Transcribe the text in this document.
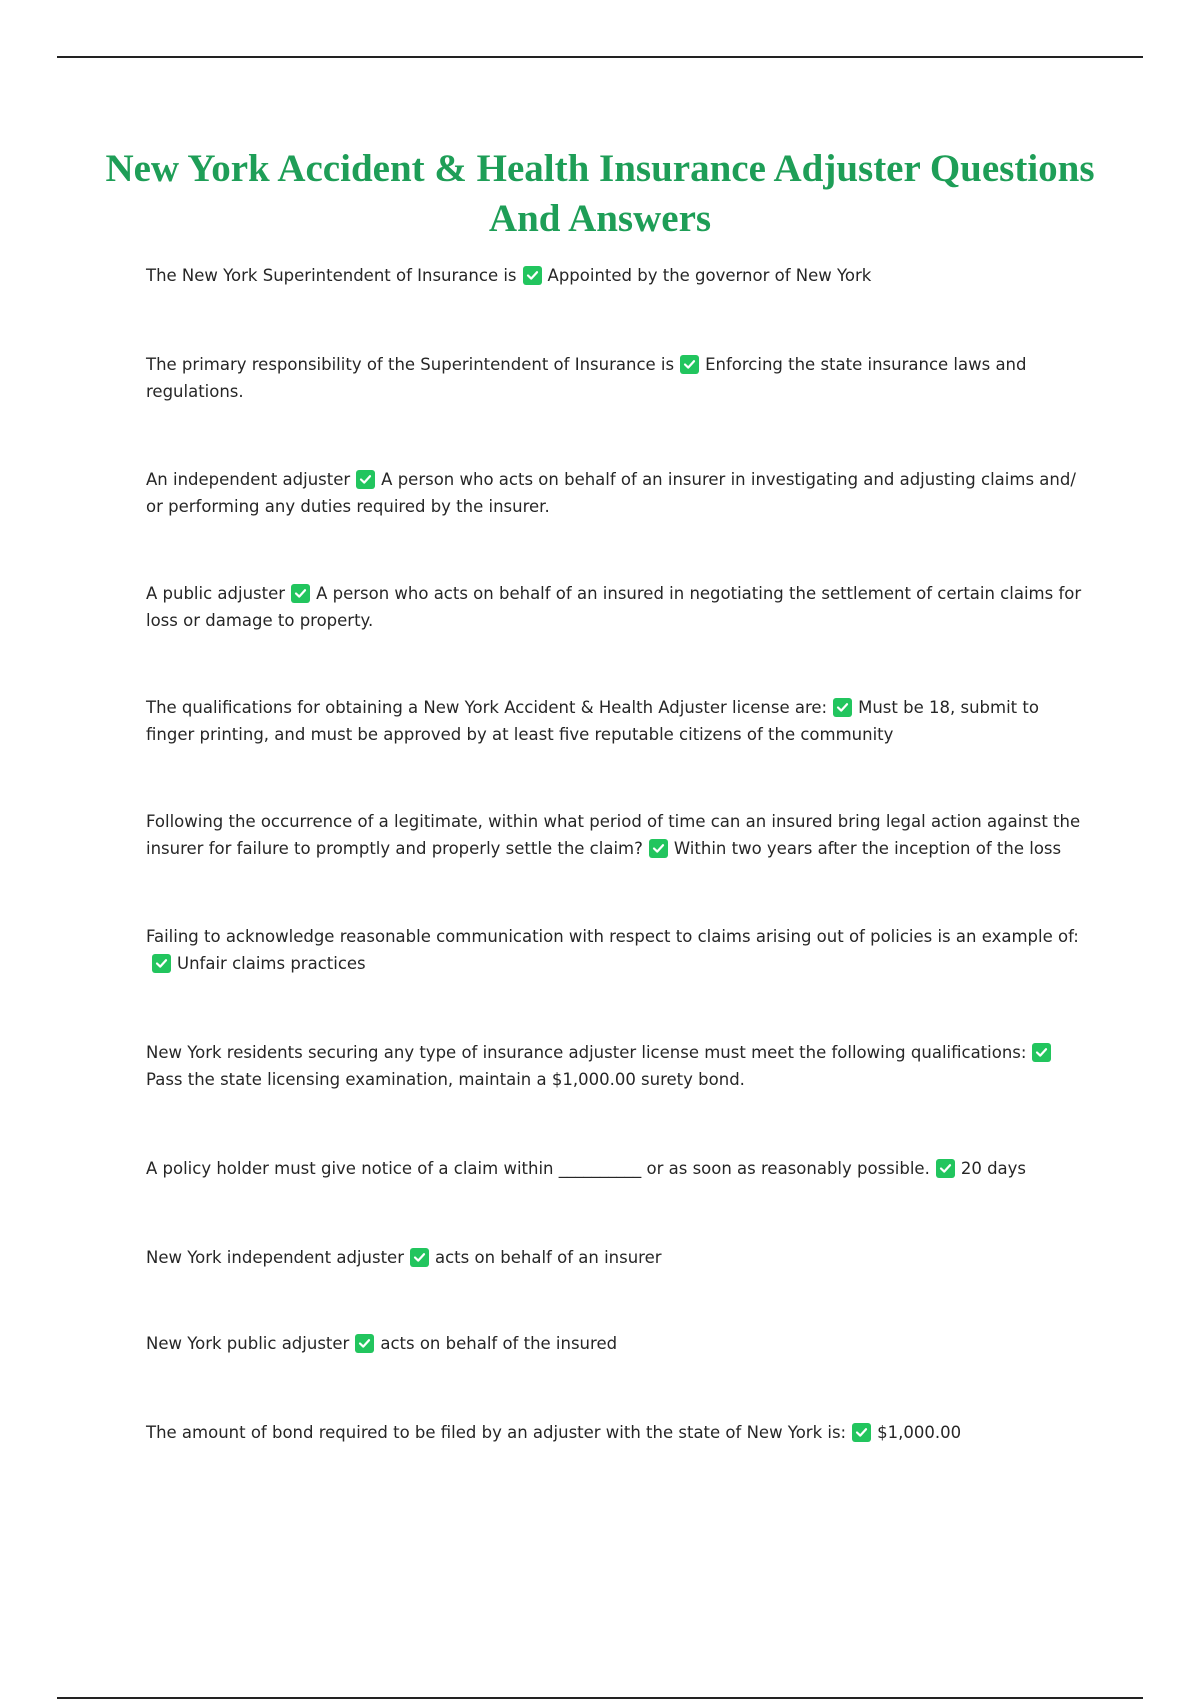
New York Accident & Health Insurance Adjuster Questions And Answers
The New York Superintendent of Insurance is Appointed by the governor of New York
The primary responsibility of the Superintendent of Insurance is Enforcing the state insurance laws and regulations.
An independent adjuster A person who acts on behalf of an insurer in investigating and adjusting claims and/ or performing any duties required by the insurer.
A public adjuster A person who acts on behalf of an insured in negotiating the settlement of certain claims for loss or damage to property.
The qualifications for obtaining a New York Accident & Health Adjuster license are: Must be 18, submit to finger printing, and must be approved by at least five reputable citizens of the community
Following the occurrence of a legitimate, within what period of time can an insured bring legal action against the insurer for failure to promptly and properly settle the claim? Within two years after the inception of the loss
Failing to acknowledge reasonable communication with respect to claims arising out of policies is an example of:
Unfair claims practices
New York residents securing any type of insurance adjuster license must meet the following qualifications:
Pass the state licensing examination, maintain a $1,000.00 surety bond.
A policy holder must give notice of a claim within __________ or as soon as reasonably possible. 20 days
New York independent adjuster acts on behalf of an insurer
New York public adjuster acts on behalf of the insured
The amount of bond required to be filed by an adjuster with the state of New York is: $1,000.00
